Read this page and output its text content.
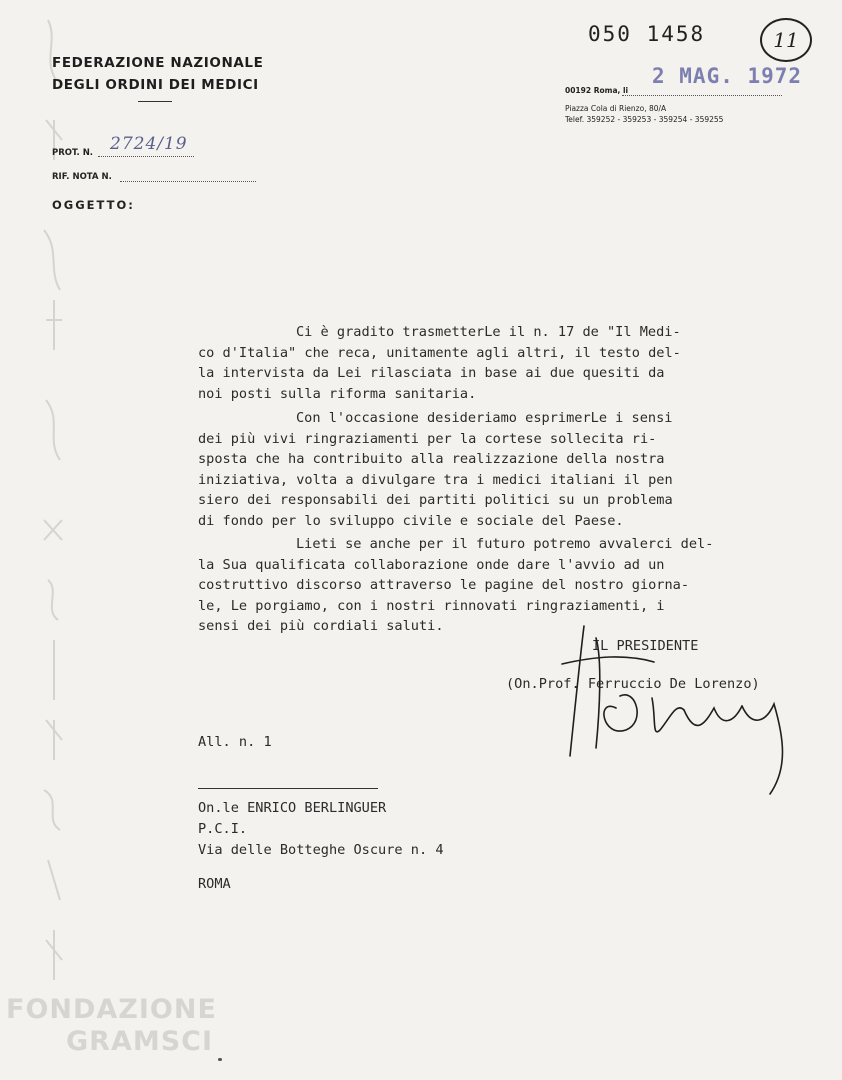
FEDERAZIONE NAZIONALE
DEGLI ORDINI DEI MEDICI
PROT. N. 2724/19
RIF. NOTA N.
OGGETTO:
050 1458	11
00192 Roma, li
2 MAG. 1972
Piazza Cola di Rienzo, 80/A
Telef. 359252 - 359253 - 359254 - 359255
Ci è gradito trasmetterLe il n. 17 de "Il Medi-
co d'Italia" che reca, unitamente agli altri, il testo del-
la intervista da Lei rilasciata in base ai due quesiti da
noi posti sulla riforma sanitaria.
Con l'occasione desideriamo esprimerLe i sensi
dei più vivi ringraziamenti per la cortese sollecita ri-
sposta che ha contribuito alla realizzazione della nostra
iniziativa, volta a divulgare tra i medici italiani il pen
siero dei responsabili dei partiti politici su un problema
di fondo per lo sviluppo civile e sociale del Paese.
Lieti se anche per il futuro potremo avvalerci del-
la Sua qualificata collaborazione onde dare l'avvio ad un
costruttivo discorso attraverso le pagine del nostro giorna-
le, Le porgiamo, con i nostri rinnovati ringraziamenti, i
sensi dei più cordiali saluti.
IL PRESIDENTE
(On.Prof. Ferruccio De Lorenzo)
All. n. 1
On.le ENRICO BERLINGUER
P.C.I.
Via delle Botteghe Oscure n. 4
ROMA
FONDAZIONE
GRAMSCI
